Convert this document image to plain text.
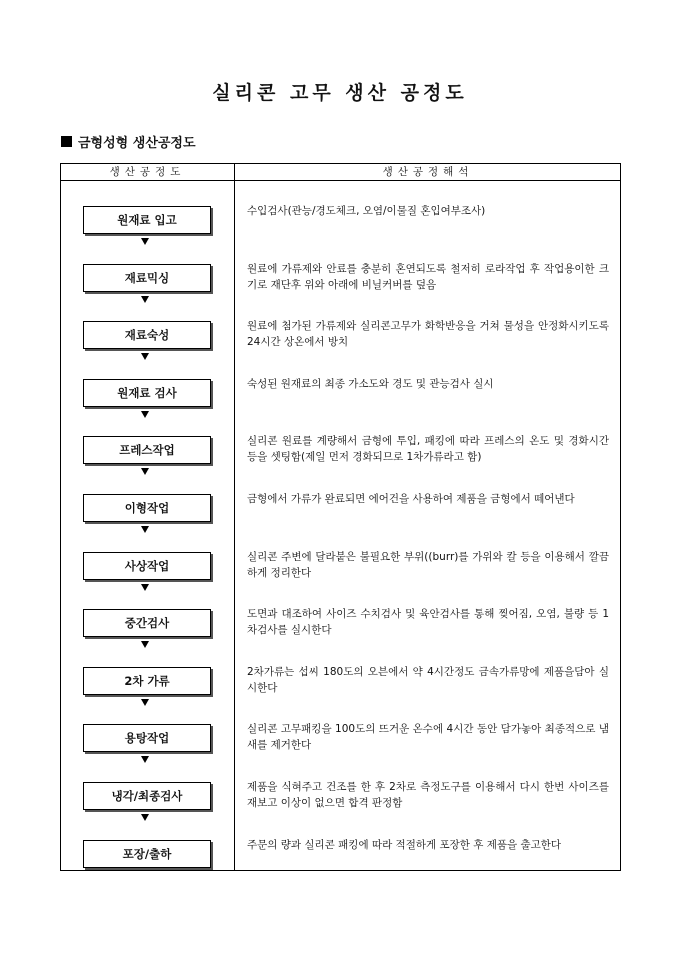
실리콘 고무 생산 공정도
금형성형 생산공정도
생산공정도	생산공정해석
원재료 입고
수입검사(관능/경도체크, 오염/이물질 혼입여부조사)
재료믹싱
원료에 가류제와 안료를 충분히 혼연되도록 철저히 로라작업 후 작업용이한 크기로 재단후 위와 아래에 비닐커버를 덮음
재료숙성
원료에 첨가된 가류제와 실리콘고무가 화학반응을 거쳐 물성을 안정화시키도록 24시간 상온에서 방치
원재료 검사
숙성된 원재료의 최종 가소도와 경도 및 관능검사 실시
프레스작업
실리콘 원료를 계량해서 금형에 투입, 패킹에 따라 프레스의 온도 및 경화시간 등을 셋팅함(제일 먼저 경화되므로 1차가류라고 함)
이형작업
금형에서 가류가 완료되면 에어건을 사용하여 제품을 금형에서 떼어낸다
사상작업
실리콘 주변에 달라붙은 불필요한 부위((burr)를 가위와 칼 등을 이용해서 깔끔하게 정리한다
중간검사
도면과 대조하여 사이즈 수치검사 및 육안검사를 통해 찢어짐, 오염, 불량 등 1차검사를 실시한다
2차 가류
2차가류는 섭씨 180도의 오븐에서 약 4시간정도 금속가류망에 제품을담아 실시한다
용탕작업
실리콘 고무패킹을 100도의 뜨거운 온수에 4시간 동안 담가놓아 최종적으로 냄새를 제거한다
냉각/최종검사
제품을 식혀주고 건조를 한 후 2차로 측정도구를 이용해서 다시 한번 사이즈를 재보고 이상이 없으면 합격 판정함
포장/출하
주문의 량과 실리콘 패킹에 따라 적절하게 포장한 후 제품을 출고한다
